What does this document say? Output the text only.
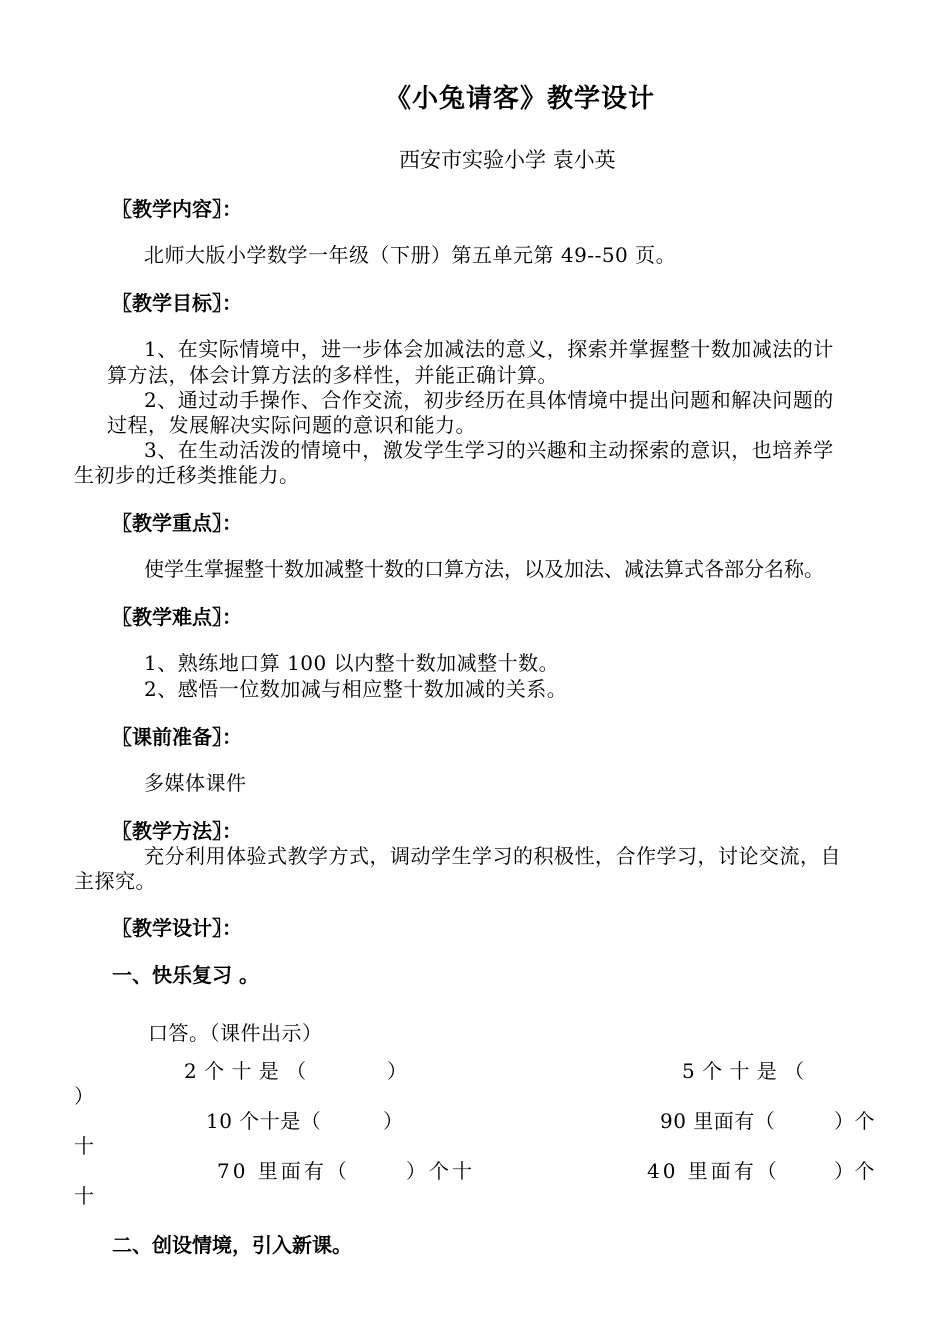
《小兔请客》教学设计
西安市实验小学 袁小英
〖教学内容〗：
北师大版小学数学一年级（下册）第五单元第 49--50 页。
〖教学目标〗：
1、在实际情境中，进一步体会加减法的意义，探索并掌握整十数加减法的计
算方法，体会计算方法的多样性，并能正确计算。
2、通过动手操作、合作交流，初步经历在具体情境中提出问题和解决问题的
过程，发展解决实际问题的意识和能力。
3、在生动活泼的情境中，激发学生学习的兴趣和主动探索的意识，也培养学
生初步的迁移类推能力。
〖教学重点〗：
使学生掌握整十数加减整十数的口算方法，以及加法、减法算式各部分名称。
〖教学难点〗：
1、熟练地口算 100 以内整十数加减整十数。
2、感悟一位数加减与相应整十数加减的关系。
〖课前准备〗：
多媒体课件
〖教学方法〗：
充分利用体验式教学方式，调动学生学习的积极性，合作学习，讨论交流，自
主探究。
〖教学设计〗：
一、快乐复习 。
口答。（课件出示）
2 个 十 是 （	）	5 个 十 是 （
）
10 个十是（	）	90 里面有（	）个
十
70 里面有（	）个十	40 里面有（	）个
十
二、创设情境，引入新课。
